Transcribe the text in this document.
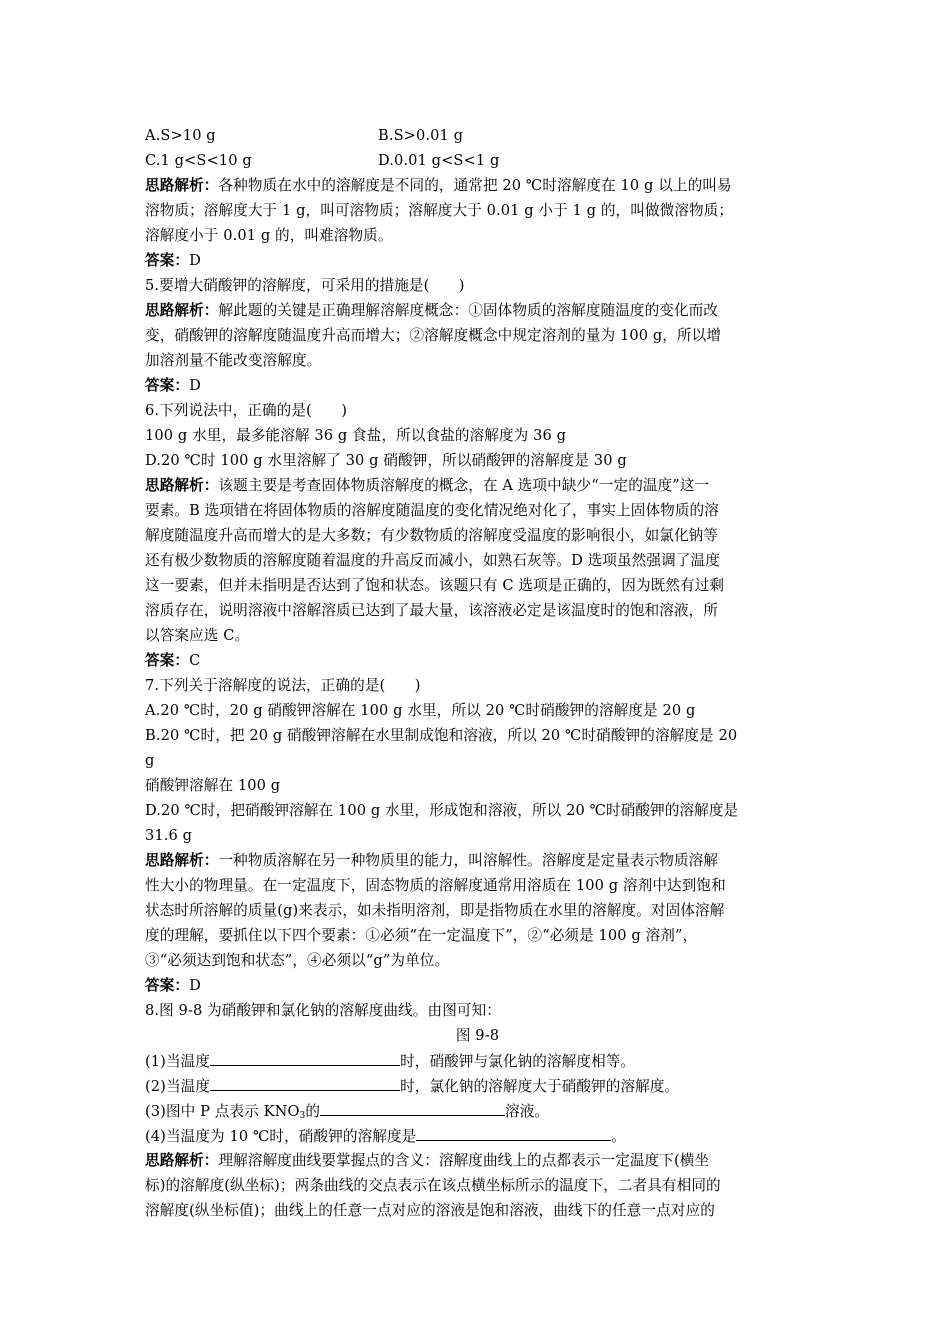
A.S>10 g	B.S>0.01 g
C.1 g<S<10 g	D.0.01 g<S<1 g
思路解析：各种物质在水中的溶解度是不同的，通常把 20 ℃时溶解度在 10 g 以上的叫易
溶物质；溶解度大于 1 g，叫可溶物质；溶解度大于 0.01 g 小于 1 g 的，叫做微溶物质；
溶解度小于 0.01 g 的，叫难溶物质。
答案：D
5.要增大硝酸钾的溶解度，可采用的措施是(　　)
思路解析：解此题的关键是正确理解溶解度概念：①固体物质的溶解度随温度的变化而改
变，硝酸钾的溶解度随温度升高而增大；②溶解度概念中规定溶剂的量为 100 g，所以增
加溶剂量不能改变溶解度。
答案：D
6.下列说法中，正确的是(　　)
100 g 水里，最多能溶解 36 g 食盐，所以食盐的溶解度为 36 g
D.20 ℃时 100 g 水里溶解了 30 g 硝酸钾，所以硝酸钾的溶解度是 30 g
思路解析：该题主要是考查固体物质溶解度的概念，在 A 选项中缺少“一定的温度”这一
要素。B 选项错在将固体物质的溶解度随温度的变化情况绝对化了，事实上固体物质的溶
解度随温度升高而增大的是大多数；有少数物质的溶解度受温度的影响很小，如氯化钠等
还有极少数物质的溶解度随着温度的升高反而减小，如熟石灰等。D 选项虽然强调了温度
这一要素，但并未指明是否达到了饱和状态。该题只有 C 选项是正确的，因为既然有过剩
溶质存在，说明溶液中溶解溶质已达到了最大量，该溶液必定是该温度时的饱和溶液，所
以答案应选 C。
答案：C
7.下列关于溶解度的说法，正确的是(　　)
A.20 ℃时，20 g 硝酸钾溶解在 100 g 水里，所以 20 ℃时硝酸钾的溶解度是 20 g
B.20 ℃时，把 20 g 硝酸钾溶解在水里制成饱和溶液，所以 20 ℃时硝酸钾的溶解度是 20
g
硝酸钾溶解在 100 g
D.20 ℃时，把硝酸钾溶解在 100 g 水里，形成饱和溶液，所以 20 ℃时硝酸钾的溶解度是
31.6 g
思路解析：一种物质溶解在另一种物质里的能力，叫溶解性。溶解度是定量表示物质溶解
性大小的物理量。在一定温度下，固态物质的溶解度通常用溶质在 100 g 溶剂中达到饱和
状态时所溶解的质量(g)来表示，如未指明溶剂，即是指物质在水里的溶解度。对固体溶解
度的理解，要抓住以下四个要素：①必须“在一定温度下”，②“必须是 100 g 溶剂”，
③“必须达到饱和状态”，④必须以“g”为单位。
答案：D
8.图 9-8 为硝酸钾和氯化钠的溶解度曲线。由图可知：
图 9-8
(1)当温度	时，硝酸钾与氯化钠的溶解度相等。
(2)当温度	时，氯化钠的溶解度大于硝酸钾的溶解度。
(3)图中 P 点表示 $KNO_3$的	溶液。
(4)当温度为 10 ℃时，硝酸钾的溶解度是	。
思路解析：理解溶解度曲线要掌握点的含义：溶解度曲线上的点都表示一定温度下(横坐
标)的溶解度(纵坐标)；两条曲线的交点表示在该点横坐标所示的温度下，二者具有相同的
溶解度(纵坐标值)；曲线上的任意一点对应的溶液是饱和溶液，曲线下的任意一点对应的
